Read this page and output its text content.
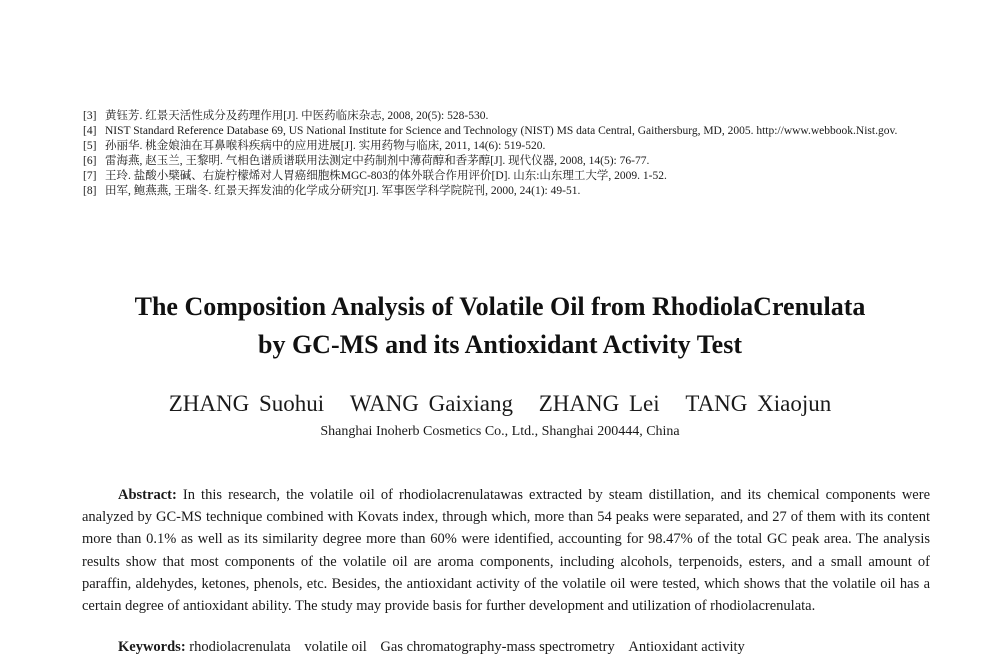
[3] 黄钰芳. 红景天活性成分及药理作用[J]. 中医药临床杂志, 2008, 20(5): 528-530.
[4] NIST Standard Reference Database 69, US National Institute for Science and Technology (NIST) MS data Central, Gaithersburg, MD, 2005. http://www.webbook.Nist.gov.
[5] 孙丽华. 桃金娘油在耳鼻喉科疾病中的应用进展[J]. 实用药物与临床, 2011, 14(6): 519-520.
[6] 雷海燕, 赵玉兰, 王黎明. 气相色谱质谱联用法测定中药制剂中薄荷醇和香茅醇[J]. 现代仪器, 2008, 14(5): 76-77.
[7] 王玲. 盐酸小檗碱、右旋柠檬烯对人胃癌细胞株MGC-803的体外联合作用评价[D]. 山东:山东理工大学, 2009. 1-52.
[8] 田军, 鲍燕燕, 王瑞冬. 红景天挥发油的化学成分研究[J]. 军事医学科学院院刊, 2000, 24(1): 49-51.
The Composition Analysis of Volatile Oil from RhodiolaCrenulata
by GC-MS and its Antioxidant Activity Test
ZHANG Suohui WANG Gaixiang ZHANG Lei TANG Xiaojun
Shanghai Inoherb Cosmetics Co., Ltd., Shanghai 200444, China

Abstract: In this research, the volatile oil of rhodiolacrenulatawas extracted by steam distillation, and its chemical components were analyzed by GC-MS technique combined with Kovats index, through which, more than 54 peaks were separated, and 27 of them with its content more than 0.1% as well as its similarity degree more than 60% were identified, accounting for 98.47% of the total GC peak area. The analysis results show that most components of the volatile oil are aroma components, including alcohols, terpenoids, esters, and a small amount of paraffin, aldehydes, ketones, phenols, etc. Besides, the antioxidant activity of the volatile oil were tested, which shows that the volatile oil has a certain degree of antioxidant ability. The study may provide basis for further development and utilization of rhodiolacrenulata.

Keywords: rhodiolacrenulata volatile oil Gas chromatography-mass spectrometry Antioxidant activity
